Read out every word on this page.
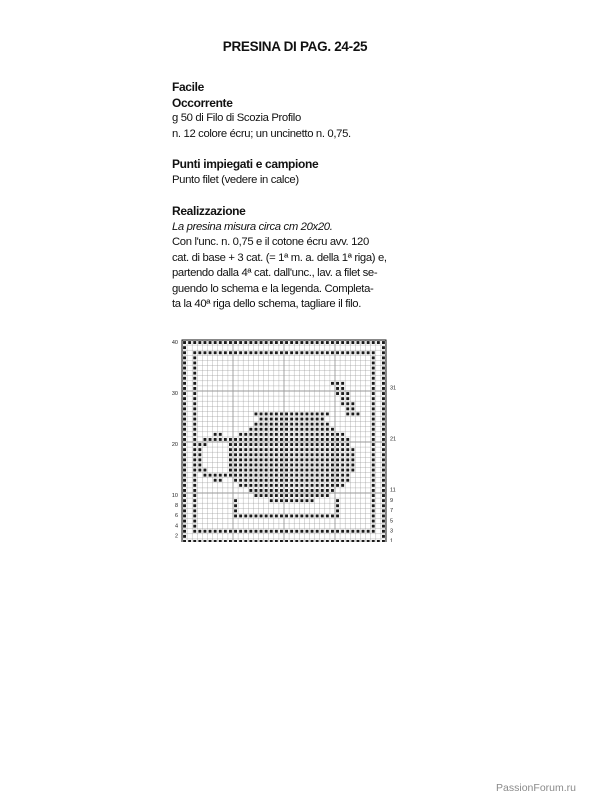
PRESINA DI PAG. 24-25
Facile
Occorrente
g 50 di Filo di Scozia Profilo
n. 12 colore écru; un uncinetto n. 0,75.
Punti impiegati e campione
Punto filet (vedere in calce)
Realizzazione
La presina misura circa cm 20x20.
Con l'unc. n. 0,75 e il cotone écru avv. 120
cat. di base + 3 cat. (= 1ª m. a. della 1ª riga) e,
partendo dalla 4ª cat. dall'unc., lav. a filet se-
guendo lo schema e la legenda. Completa-
ta la 40ª riga dello schema, tagliare il filo.
40
30
20
10
8
6
4
2
31
21
11
9
7
5
3
1
PassionForum.ru
